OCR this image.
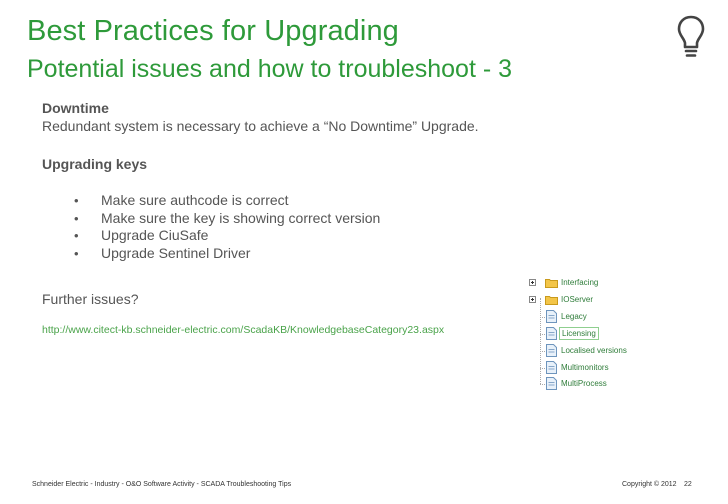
Best Practices for Upgrading
Potential issues and how to troubleshoot - 3
Downtime
Redundant system is necessary to achieve a “No Downtime” Upgrade.
Upgrading keys
• Make sure authcode is correct
• Make sure the key is showing correct version
• Upgrade CiuSafe
• Upgrade Sentinel Driver
Further issues?
http://www.citect-kb.schneider-electric.com/ScadaKB/KnowledgebaseCategory23.aspx
Interfacing
IOServer
Legacy
Licensing
Localised versions
Multimonitors
MultiProcess
Schneider Electric - Industry - O&O Software Activity - SCADA Troubleshooting Tips	Copyright © 2012 22
